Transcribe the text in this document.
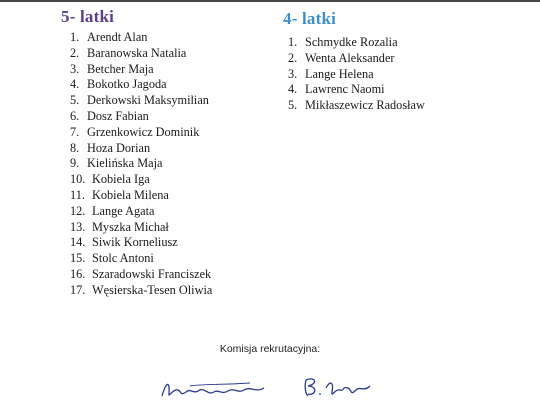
5- latki
1. Arendt Alan
2. Baranowska Natalia
3. Betcher Maja
4. Bokotko Jagoda
5. Derkowski Maksymilian
6. Dosz Fabian
7. Grzenkowicz Dominik
8. Hoza Dorian
9. Kielińska Maja
10. Kobiela Iga
11. Kobiela Milena
12. Lange Agata
13. Myszka Michał
14. Siwik Korneliusz
15. Stolc Antoni
16. Szaradowski Franciszek
17. Węsierska-Tesen Oliwia
4- latki
1. Schmydke Rozalia
2. Wenta Aleksander
3. Lange Helena
4. Lawrenc Naomi
5. Mikłaszewicz Radosław
Komisja rekrutacyjna:
